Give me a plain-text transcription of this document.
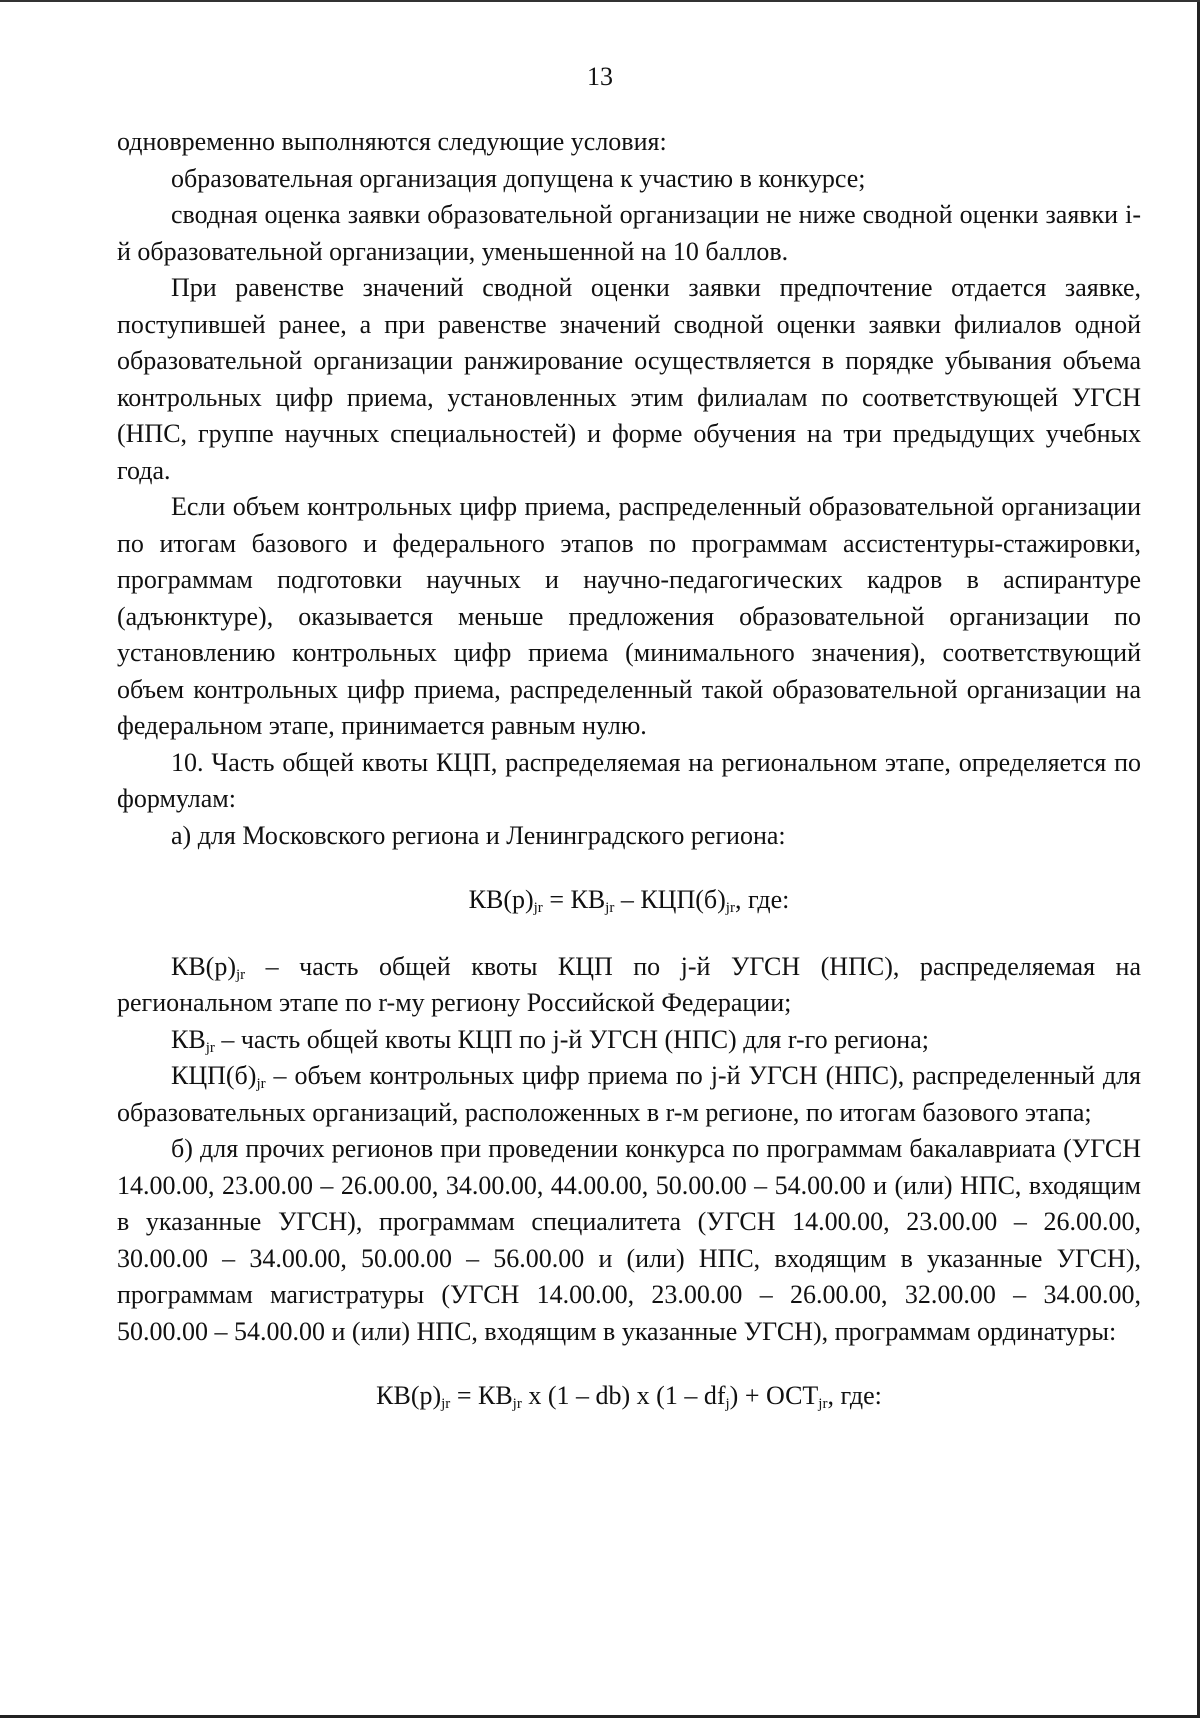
13

одновременно выполняются следующие условия:

образовательная организация допущена к участию в конкурсе;

сводная оценка заявки образовательной организации не ниже сводной оценки заявки i-й образовательной организации, уменьшенной на 10 баллов.

При равенстве значений сводной оценки заявки предпочтение отдается заявке, поступившей ранее, а при равенстве значений сводной оценки заявки филиалов одной образовательной организации ранжирование осуществляется в порядке убывания объема контрольных цифр приема, установленных этим филиалам по соответствующей УГСН (НПС, группе научных специальностей) и форме обучения на три предыдущих учебных года.

Если объем контрольных цифр приема, распределенный образовательной организации по итогам базового и федерального этапов по программам ассистентуры-стажировки, программам подготовки научных и научно-педагогических кадров в аспирантуре (адъюнктуре), оказывается меньше предложения образовательной организации по установлению контрольных цифр приема (минимального значения), соответствующий объем контрольных цифр приема, распределенный такой образовательной организации на федеральном этапе, принимается равным нулю.

10. Часть общей квоты КЦП, распределяемая на региональном этапе, определяется по формулам:

а) для Московского региона и Ленинградского региона:

$КВ(р)_{jr} = КВ_{jr} - КЦП(б)_{jr}$, где:

$КВ(р)_{jr}$ – часть общей квоты КЦП по j-й УГСН (НПС), распределяемая на региональном этапе по r-му региону Российской Федерации;

$КВ_{jr}$ – часть общей квоты КЦП по j-й УГСН (НПС) для r-го региона;

$КЦП(б)_{jr}$ – объем контрольных цифр приема по j-й УГСН (НПС), распределенный для образовательных организаций, расположенных в r-м регионе, по итогам базового этапа;

б) для прочих регионов при проведении конкурса по программам бакалавриата (УГСН 14.00.00, 23.00.00 – 26.00.00, 34.00.00, 44.00.00, 50.00.00 – 54.00.00 и (или) НПС, входящим в указанные УГСН), программам специалитета (УГСН 14.00.00, 23.00.00 – 26.00.00, 30.00.00 – 34.00.00, 50.00.00 – 56.00.00 и (или) НПС, входящим в указанные УГСН), программам магистратуры (УГСН 14.00.00, 23.00.00 – 26.00.00, 32.00.00 – 34.00.00, 50.00.00 – 54.00.00 и (или) НПС, входящим в указанные УГСН), программам ординатуры:

$КВ(р)_{jr} = КВ_{jr}$ х (1 – db) х $(1 - df_j) + ОСТ_{jr}$, где:
